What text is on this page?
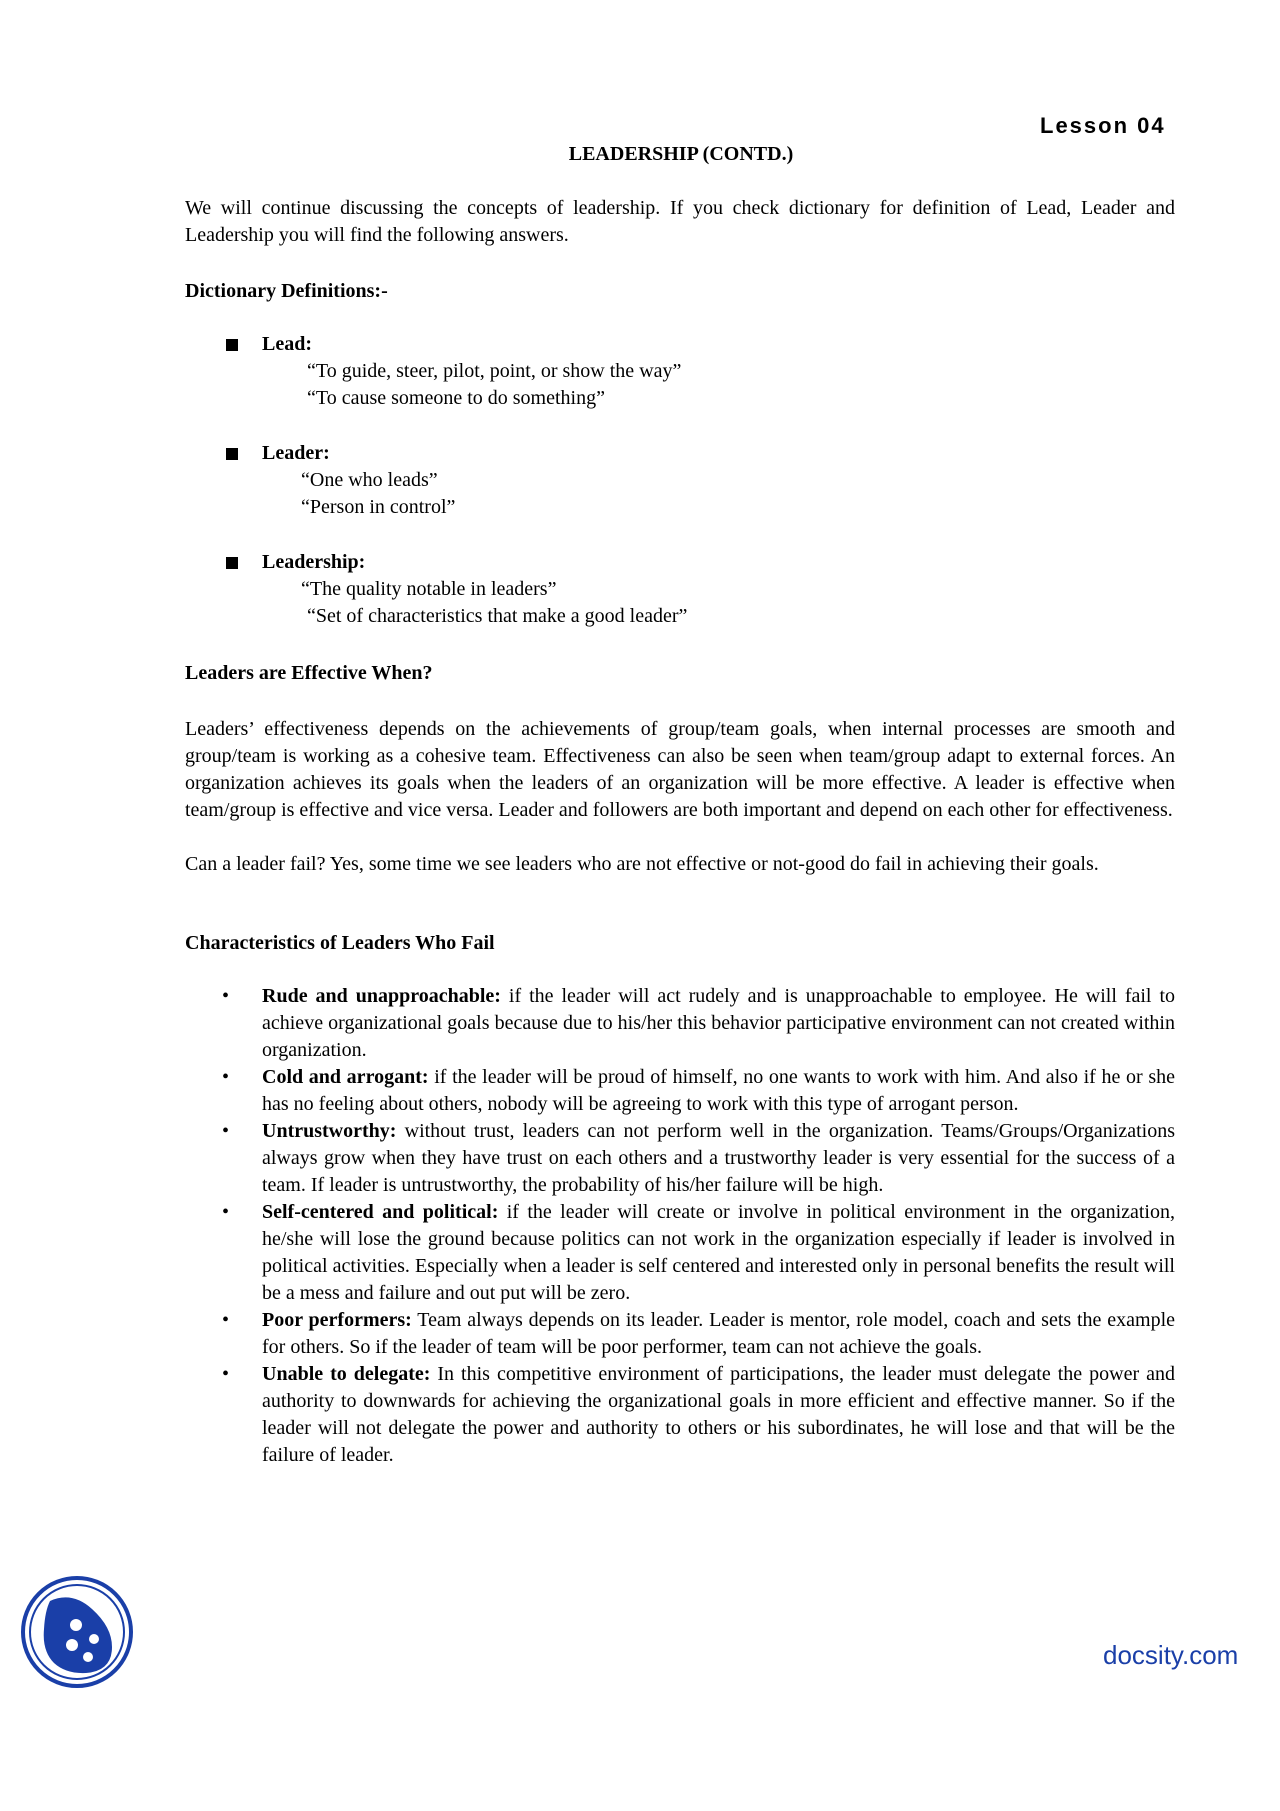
Lesson 04
LEADERSHIP (CONTD.)
We will continue discussing the concepts of leadership. If you check dictionary for definition of Lead, Leader and Leadership you will find the following answers.
Dictionary Definitions:-
Lead:
“To guide, steer, pilot, point, or show the way”
“To cause someone to do something”
Leader:
“One who leads”
“Person in control”
Leadership:
“The quality notable in leaders”
“Set of characteristics that make a good leader”
Leaders are Effective When?
Leaders’ effectiveness depends on the achievements of group/team goals, when internal processes are smooth and group/team is working as a cohesive team. Effectiveness can also be seen when team/group adapt to external forces. An organization achieves its goals when the leaders of an organization will be more effective. A leader is effective when team/group is effective and vice versa. Leader and followers are both important and depend on each other for effectiveness.
Can a leader fail? Yes, some time we see leaders who are not effective or not-good do fail in achieving their goals.
Characteristics of Leaders Who Fail
• Rude and unapproachable: if the leader will act rudely and is unapproachable to employee. He will fail to achieve organizational goals because due to his/her this behavior participative environment can not created within organization.
• Cold and arrogant: if the leader will be proud of himself, no one wants to work with him. And also if he or she has no feeling about others, nobody will be agreeing to work with this type of arrogant person.
• Untrustworthy: without trust, leaders can not perform well in the organization. Teams/Groups/Organizations always grow when they have trust on each others and a trustworthy leader is very essential for the success of a team. If leader is untrustworthy, the probability of his/her failure will be high.
• Self-centered and political: if the leader will create or involve in political environment in the organization, he/she will lose the ground because politics can not work in the organization especially if leader is involved in political activities. Especially when a leader is self centered and interested only in personal benefits the result will be a mess and failure and out put will be zero.
• Poor performers: Team always depends on its leader. Leader is mentor, role model, coach and sets the example for others. So if the leader of team will be poor performer, team can not achieve the goals.
• Unable to delegate: In this competitive environment of participations, the leader must delegate the power and authority to downwards for achieving the organizational goals in more efficient and effective manner. So if the leader will not delegate the power and authority to others or his subordinates, he will lose and that will be the failure of leader.
docsity.com
